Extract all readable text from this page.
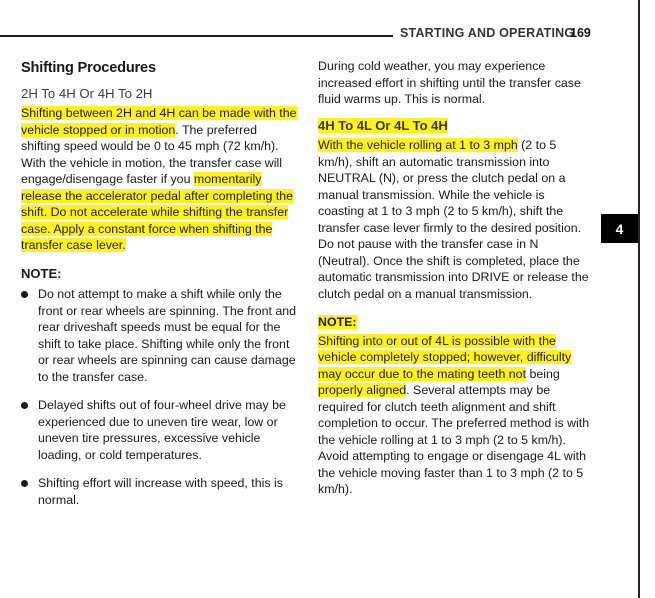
STARTING AND OPERATING
169
4
Shifting Procedures
2H To 4H Or 4H To 2H

Shifting between 2H and 4H can be made with the vehicle stopped or in motion. The preferred shifting speed would be 0 to 45 mph (72 km/h). With the vehicle in motion, the transfer case will engage/disengage faster if you momentarily release the accelerator pedal after completing the shift. Do not accelerate while shifting the transfer case. Apply a constant force when shifting the transfer case lever.

NOTE:
Do not attempt to make a shift while only the front or rear wheels are spinning. The front and rear driveshaft speeds must be equal for the shift to take place. Shifting while only the front or rear wheels are spinning can cause damage to the transfer case.
Delayed shifts out of four-wheel drive may be experienced due to uneven tire wear, low or uneven tire pressures, excessive vehicle loading, or cold temperatures.
Shifting effort will increase with speed, this is normal.

During cold weather, you may experience increased effort in shifting until the transfer case fluid warms up. This is normal.

4H To 4L Or 4L To 4H

With the vehicle rolling at 1 to 3 mph (2 to 5 km/h), shift an automatic transmission into NEUTRAL (N), or press the clutch pedal on a manual transmission. While the vehicle is coasting at 1 to 3 mph (2 to 5 km/h), shift the transfer case lever firmly to the desired position. Do not pause with the transfer case in N (Neutral). Once the shift is completed, place the automatic transmission into DRIVE or release the clutch pedal on a manual transmission.

NOTE:

Shifting into or out of 4L is possible with the vehicle completely stopped; however, difficulty may occur due to the mating teeth not being properly aligned. Several attempts may be required for clutch teeth alignment and shift completion to occur. The preferred method is with the vehicle rolling at 1 to 3 mph (2 to 5 km/h). Avoid attempting to engage or disengage 4L with the vehicle moving faster than 1 to 3 mph (2 to 5 km/h).
